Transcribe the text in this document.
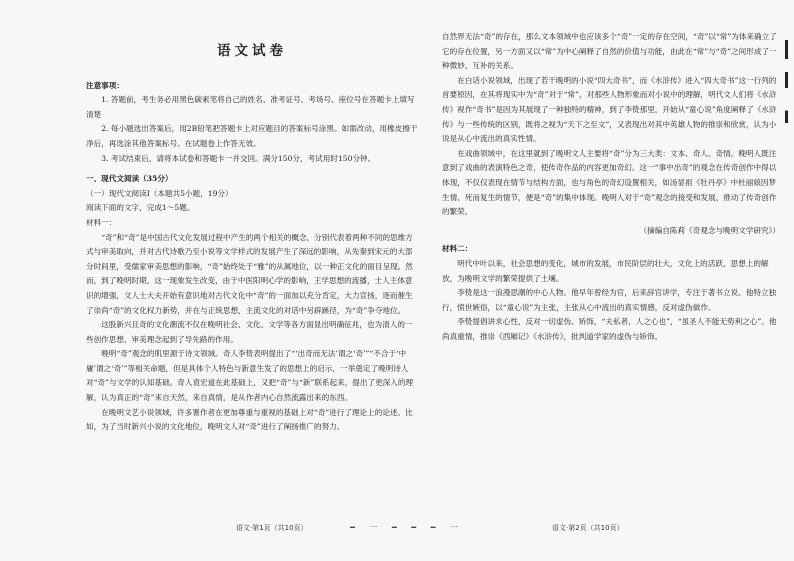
语文试卷
注意事项：

1. 答题前，考生务必用黑色碳素笔将自己的姓名、准考证号、考场号、座位号在答题卡上填写清楚

2. 每小题选出答案后，用2B铅笔把答题卡上对应题目的答案标号涂黑。如需改动，用橡皮擦干净后，再选涂其他答案标号。在试题卷上作答无效。

3. 考试结束后，请将本试卷和答题卡一并交回。满分150分，考试用时150分钟。

一、现代文阅读（35分）
（一）现代文阅读Ⅰ（本题共5小题，19分）
阅读下面的文字，完成1～5题。
材料一：

“奇”和“奇”是中国古代文化发展过程中产生的两个相关的概念，分别代表着两种不同的思维方式与审美取向，并对古代诗歌乃至小说等文学样式的发展产生了深远的影响，从先秦到宋元的大部分时间里，受儒家审美思想的影响，“奇”始终处于“雅”的从属地位，以一种正文化的面目呈现。然而，到了晚明时期，这一现象发生改变，由于中医阳明心学的影响，王学思想的流播，士人主体意识的增强，文人士大夫开始有意识地对古代文化中“奇”的一面加以充分肯定，大力宣扬，逐而催生了崇尚“奇”的文化权力新势，并在与正统思想，主流文化的对话中另辟蹊径，为“奇”争夺地位。

这股新兴且奇的文化潮流不仅在晚明社会、文化、文学等各方面显出明确征兆，也为清人的一些创作思想、审美理念起到了导先路的作用。

晚明“奇”观念的肌里源于诗文领域。奇人李贽表明提出了“‘出奇而无法’谓之‘奇’”“不合于‘中庸’谓之‘奇’”等相关命题，但是具体个人特色与新意生发了的思想上的启示，一举奠定了晚明诗人对“奇”与文学的认知基础。奇人袁宏道在此基础上，又把“奇”与“新”联系起来，提出了更深入的理解，认为真正的“奇”来自天然，来自真情，是从作者内心自然流露出来的东西。

在晚明文艺小说领域，许多署作者在更加尊重与重视的基础上对“奇”进行了理论上的论述。比如，为了当时新兴小说的文化地位，晚明文人对“奇”进行了阐扬推广的努力。

自然界无法“奇”的存在，那么文本领域中也应该多个“奇”一定的存在空间，“奇”以“常”为体来确立了它的存在位置，另一方面又以“常”为中心阐释了自然的价值与功能，由此在“常”与“奇”之间形成了一种微妙、互补的关系。

在白话小说领域，出现了若干晚明的小说“四大奇书”，而《水浒传》进入“四大奇书”这一行列的首要原因，在其将现实中为“奇”对于“常”，对那些人物形象而对小说中的理解，明代文人们将《水浒传》视作“奇书”是因为其展现了一种独特的精神，到了李贽那里，开始从“童心说”角度阐释了《水浒传》与一些传统的区别，既将之视为“天下之至文”，又表现出对其中英雄人物的推崇和欣赏，认为小说是从心中流出的真实性情。

在戏曲领域中，在这里就到了晚明文人主要将“奇”分为三大类：文本、奇人、奇情。晚明人既注意到了戏曲的表演特色之奇，使传奇作品的内容更加奇幻。这一“事中出奇”的观念在传奇创作中得以体现，不仅仅表现在情节与结构方面，也与角色的奇幻设置相关，如汤显祖《牡丹亭》中杜丽娘因梦生情、死而复生的情节，便是“奇”的集中体现。晚明人对于“奇”观念的接受和发展，推动了传奇创作的繁荣。

（摘编自陈莉《奇观念与晚明文学研究》）
材料二：

明代中叶以来，社会思想的变化，城市的发展，市民阶层的壮大，文化上的活跃，思想上的解放，为晚明文学的繁荣提供了土壤。

李贽是这一浪漫思潮的中心人物。他早年曾经为官，后来辞官讲学，专注于著书立说。他特立独行，愤世嫉俗，以“童心说”为主张，主张从心中流出的真实情感，反对虚伪做作。

李贽提倡讲求心性，反对一切虚伪、矫饰，“夫私者，人之心也”，“虽圣人不能无势利之心”。他尚真重情，推崇《西厢记》《水浒传》，批判道学家的虚伪与矫饰。

语文·第1页（共10页）	━ 一 ━ ━ ━ 一	语文·第2页（共10页）
